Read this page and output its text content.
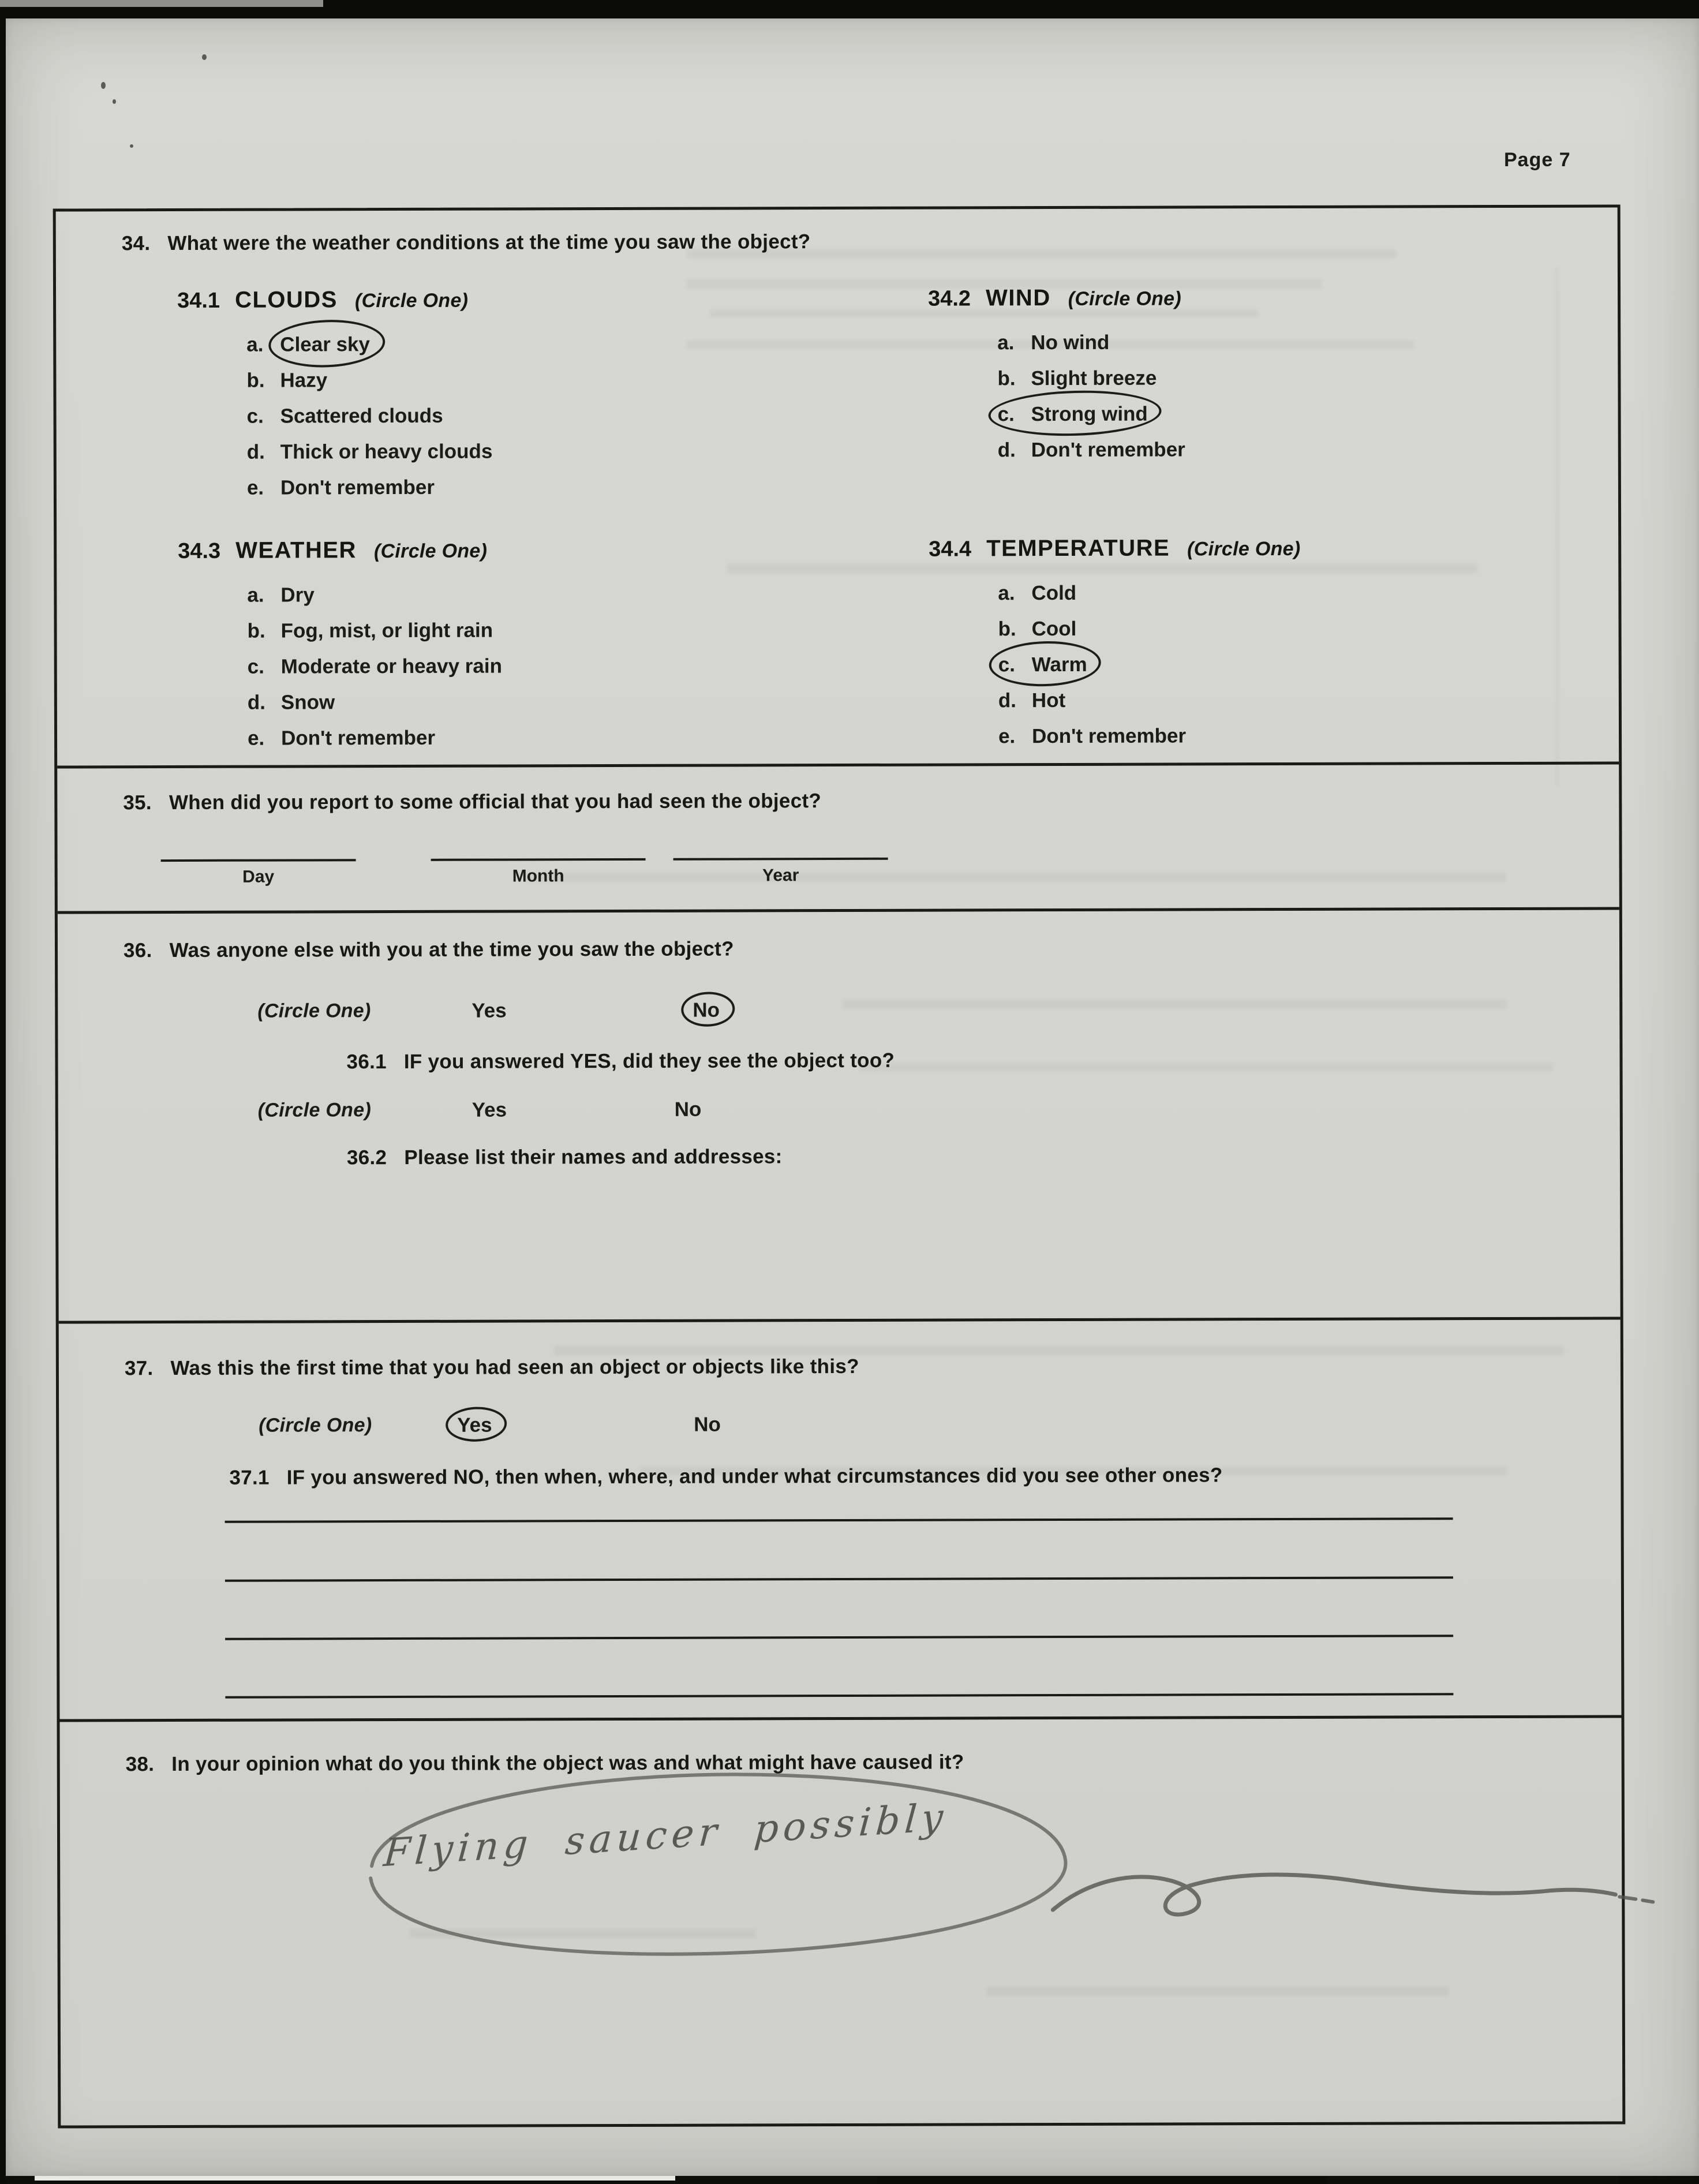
Page 7
34. What were the weather conditions at the time you saw the object?
34.1 CLOUDS (Circle One)
a. Clear sky
b. Hazy
c. Scattered clouds
d. Thick or heavy clouds
e. Don't remember
34.2 WIND (Circle One)
a. No wind
b. Slight breeze
c. Strong wind
d. Don't remember
34.3 WEATHER (Circle One)
a. Dry
b. Fog, mist, or light rain
c. Moderate or heavy rain
d. Snow
e. Don't remember
34.4 TEMPERATURE (Circle One)
a. Cold
b. Cool
c. Warm
d. Hot
e. Don't remember
35. When did you report to some official that you had seen the object?
Day	Month	Year
36. Was anyone else with you at the time you saw the object?
(Circle One)	Yes	No
36.1 IF you answered YES, did they see the object too?
(Circle One)	Yes	No
36.2 Please list their names and addresses:
37. Was this the first time that you had seen an object or objects like this?
(Circle One)	Yes	No
37.1 IF you answered NO, then when, where, and under what circumstances did you see other ones?
38. In your opinion what do you think the object was and what might have caused it?
Flying saucer possibly
